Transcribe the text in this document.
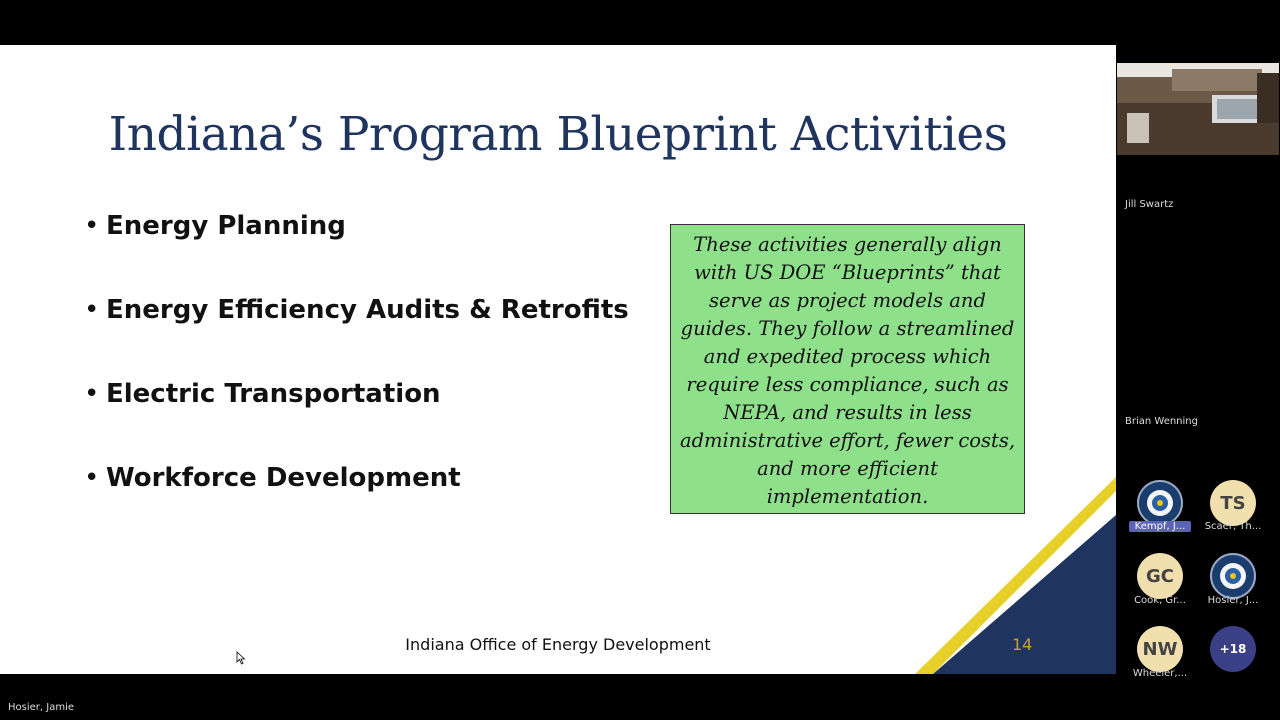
Indiana’s Program Blueprint Activities
• Energy Planning
• Energy Efficiency Audits & Retrofits
• Electric Transportation
• Workforce Development
These activities generally align with US DOE “Blueprints” that serve as project models and guides. They follow a streamlined and expedited process which require less compliance, such as NEPA, and results in less administrative effort, fewer costs, and more efficient implementation.
Indiana Office of Energy Development	14
Jill Swartz
Brian Wenning
Kempf, J...
TS
Scaer, Th...
GC
Cook, Gr...	Hosier, J...
NW
Wheeler,...
+18
Hosier, Jamie
